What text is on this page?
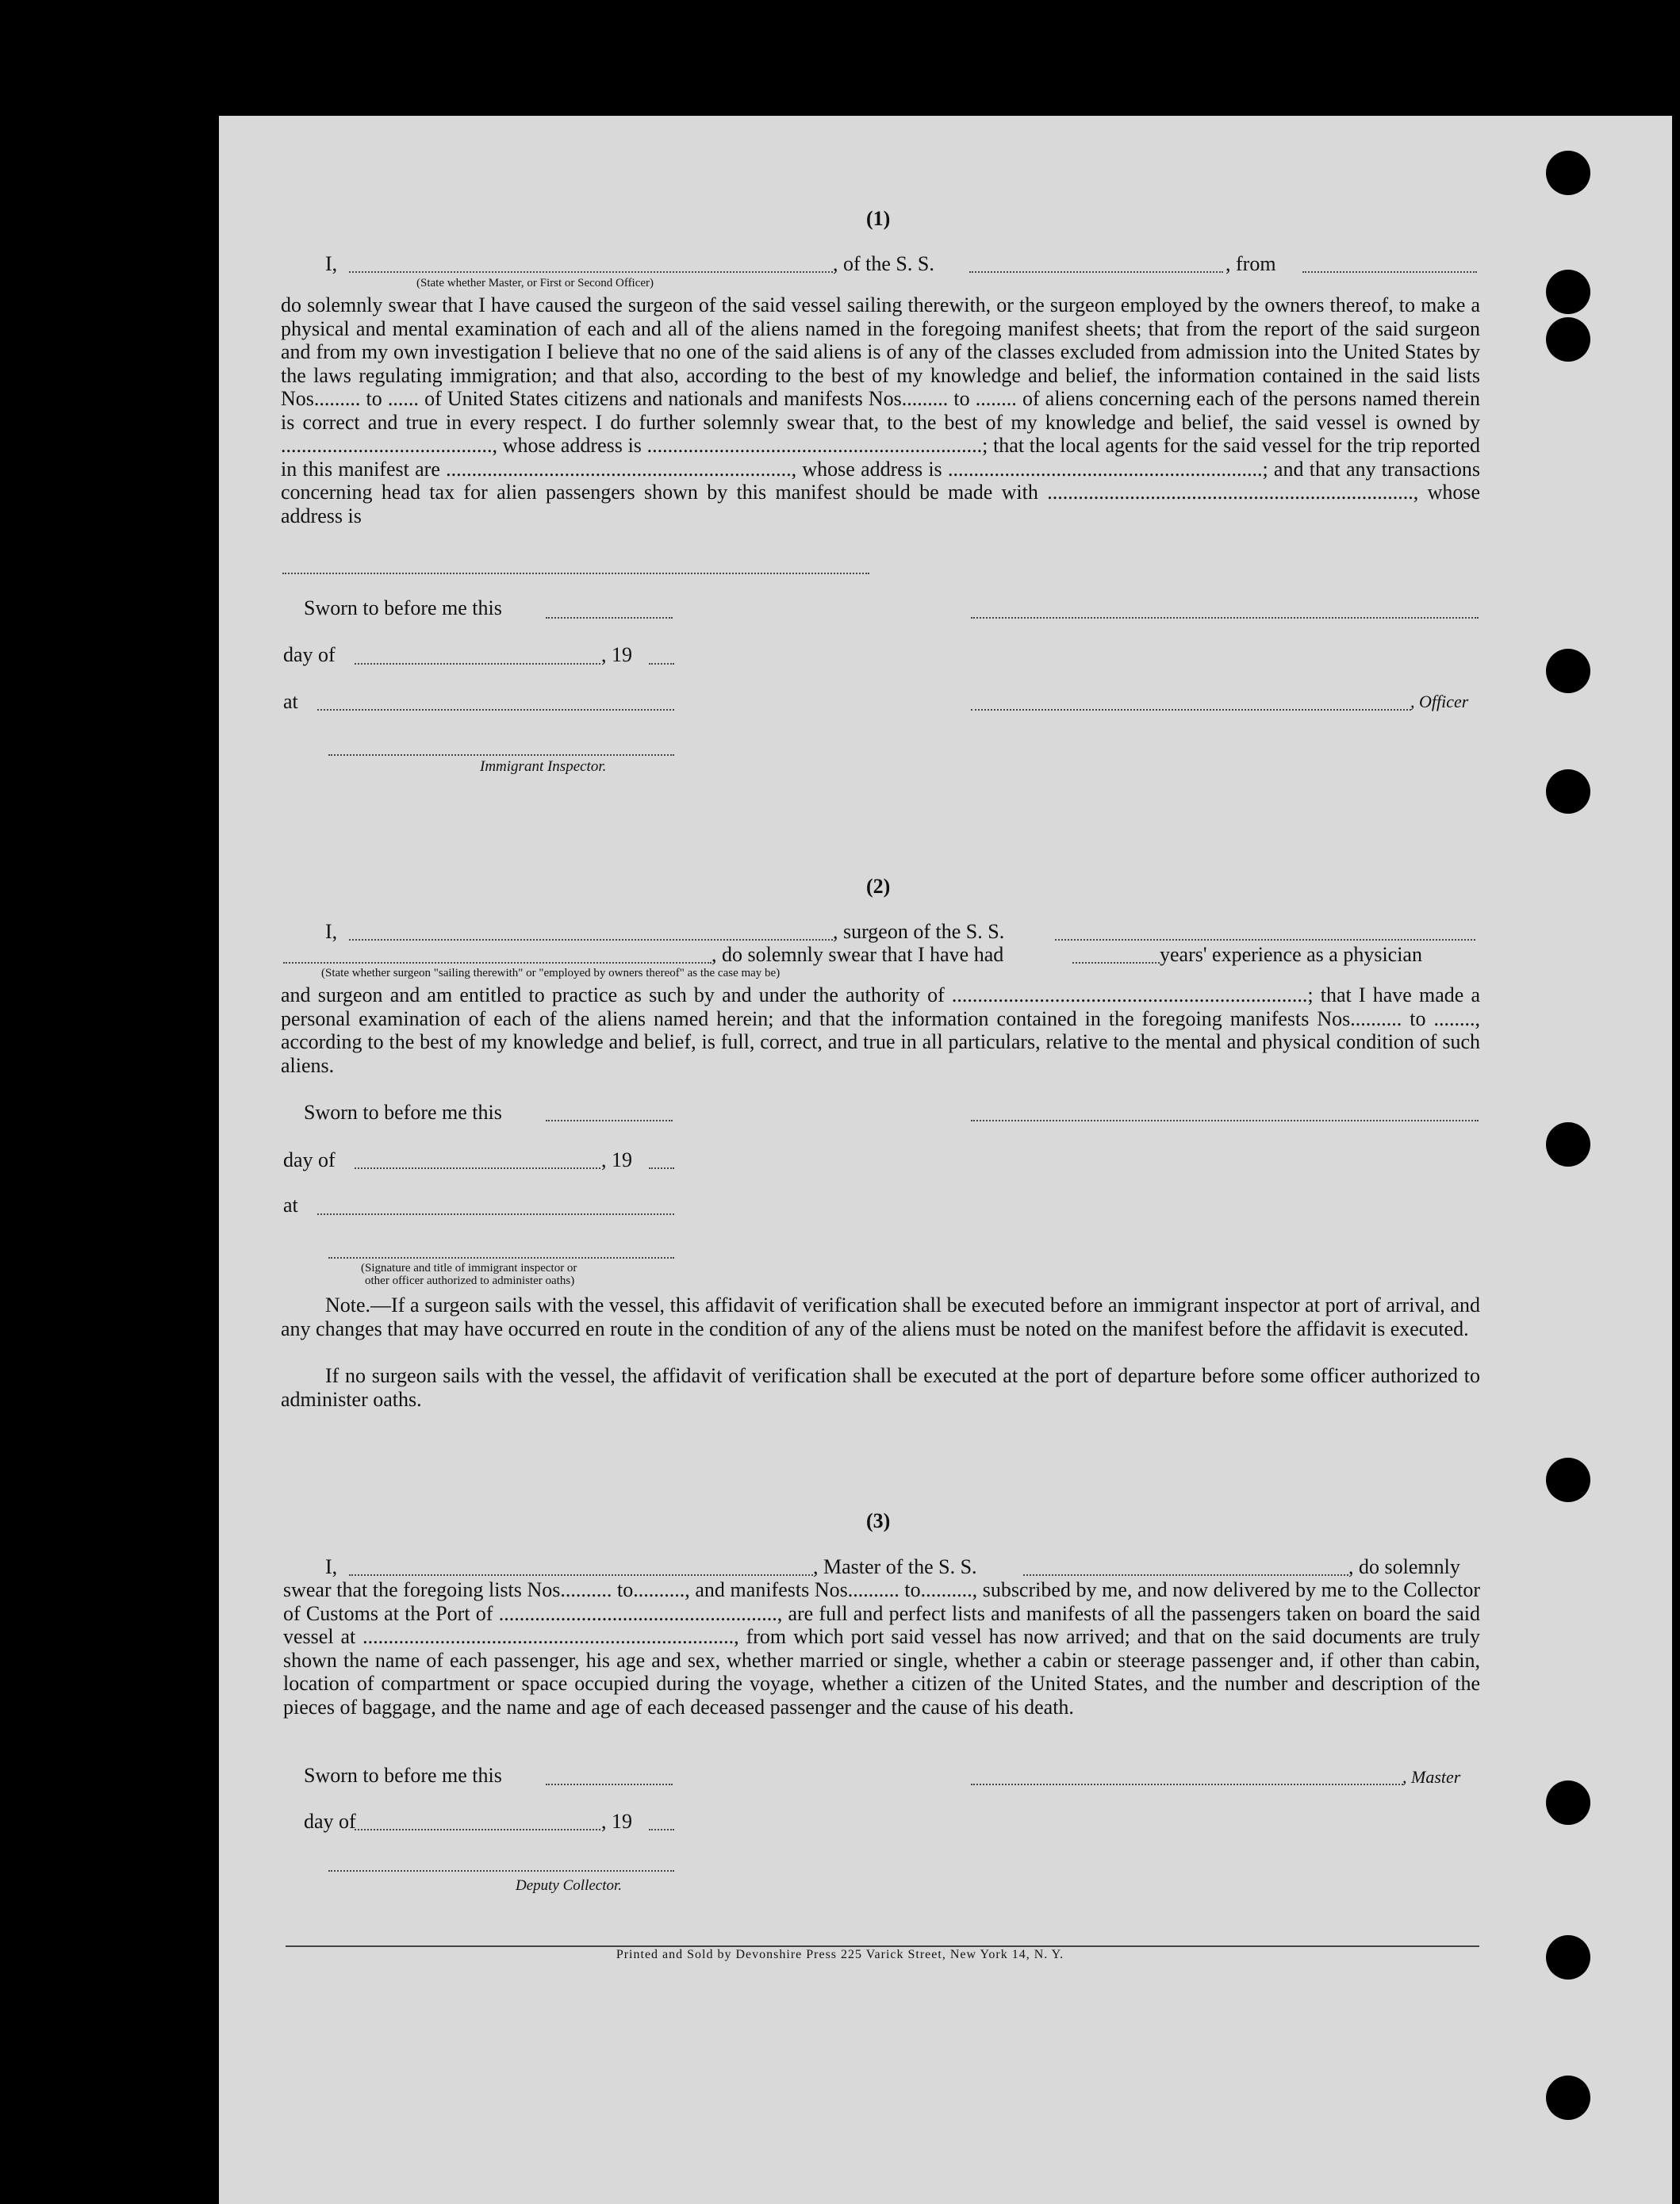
(1)
I,	, of the S. S.	, from
(State whether Master, or First or Second Officer)
do solemnly swear that I have caused the surgeon of the said vessel sailing therewith, or the surgeon employed by the owners thereof, to make a physical and mental examination of each and all of the aliens named in the foregoing manifest sheets; that from the report of the said surgeon and from my own investigation I believe that no one of the said aliens is of any of the classes excluded from admission into the United States by the laws regulating immigration; and that also, according to the best of my knowledge and belief, the information contained in the said lists Nos......... to ...... of United States citizens and nationals and manifests Nos......... to ........ of aliens concerning each of the persons named therein is correct and true in every respect. I do further solemnly swear that, to the best of my knowledge and belief, the said vessel is owned by ........................................., whose address is .................................................................; that the local agents for the said vessel for the trip reported in this manifest are ..................................................................., whose address is .............................................................; and that any transactions concerning head tax for alien passengers shown by this manifest should be made with ......................................................................., whose address is
Sworn to before me this
day of	, 19
at	, Officer
Immigrant Inspector.
(2)
I,	, surgeon of the S. S.
, do solemnly swear that I have had	years' experience as a physician
(State whether surgeon "sailing therewith" or "employed by owners thereof" as the case may be)
and surgeon and am entitled to practice as such by and under the authority of .....................................................................; that I have made a personal examination of each of the aliens named herein; and that the information contained in the foregoing manifests Nos.......... to ........, according to the best of my knowledge and belief, is full, correct, and true in all particulars, relative to the mental and physical condition of such aliens.
Sworn to before me this
day of	, 19
at
(Signature and title of immigrant inspector or
other officer authorized to administer oaths)
Note.—If a surgeon sails with the vessel, this affidavit of verification shall be executed before an immigrant inspector at port of arrival, and any changes that may have occurred en route in the condition of any of the aliens must be noted on the manifest before the affidavit is executed.
If no surgeon sails with the vessel, the affidavit of verification shall be executed at the port of departure before some officer authorized to administer oaths.
(3)
I,	, Master of the S. S.	, do solemnly
swear that the foregoing lists Nos.......... to.........., and manifests Nos.......... to.........., subscribed by me, and now delivered by me to the Collector of Customs at the Port of ......................................................, are full and perfect lists and manifests of all the passengers taken on board the said vessel at ........................................................................, from which port said vessel has now arrived; and that on the said documents are truly shown the name of each passenger, his age and sex, whether married or single, whether a cabin or steerage passenger and, if other than cabin, location of compartment or space occupied during the voyage, whether a citizen of the United States, and the number and description of the pieces of baggage, and the name and age of each deceased passenger and the cause of his death.
Sworn to before me this	, Master
day of	, 19
Deputy Collector.
Printed and Sold by Devonshire Press 225 Varick Street, New York 14, N. Y.
